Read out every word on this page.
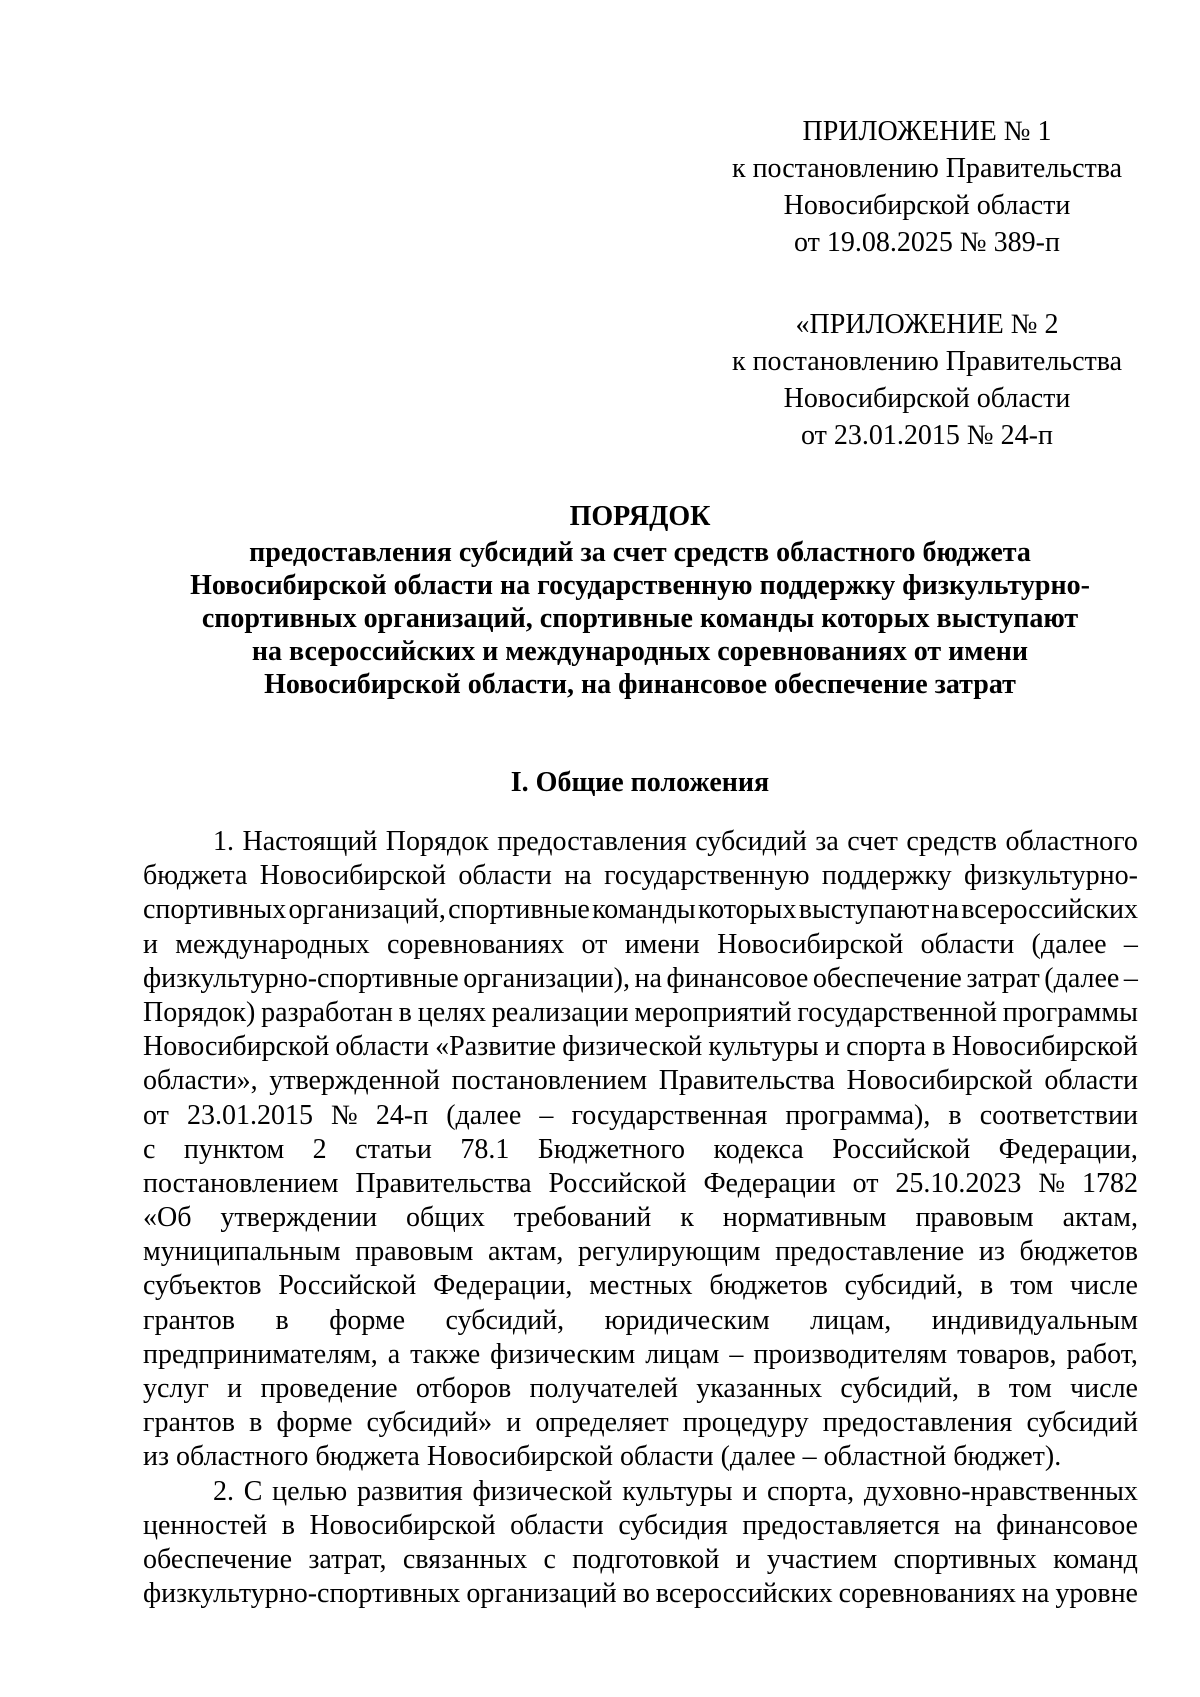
ПРИЛОЖЕНИЕ № 1
к постановлению Правительства
Новосибирской области
от 19.08.2025 № 389-п
«ПРИЛОЖЕНИЕ № 2
к постановлению Правительства
Новосибирской области
от 23.01.2015 № 24-п
ПОРЯДОК
предоставления субсидий за счет средств областного бюджета
Новосибирской области на государственную поддержку физкультурно-
спортивных организаций, спортивные команды которых выступают
на всероссийских и международных соревнованиях от имени
Новосибирской области, на финансовое обеспечение затрат
I. Общие положения
1. Настоящий Порядок предоставления субсидий за счет средств областного
бюджета Новосибирской области на государственную поддержку физкультурно-
спортивных организаций, спортивные команды которых выступают на всероссийских
и международных соревнованиях от имени Новосибирской области (далее –
физкультурно-спортивные организации), на финансовое обеспечение затрат (далее –
Порядок) разработан в целях реализации мероприятий государственной программы
Новосибирской области «Развитие физической культуры и спорта в Новосибирской
области», утвержденной постановлением Правительства Новосибирской области
от 23.01.2015 № 24-п (далее – государственная программа), в соответствии
с пунктом 2 статьи 78.1 Бюджетного кодекса Российской Федерации,
постановлением Правительства Российской Федерации от 25.10.2023 № 1782
«Об утверждении общих требований к нормативным правовым актам,
муниципальным правовым актам, регулирующим предоставление из бюджетов
субъектов Российской Федерации, местных бюджетов субсидий, в том числе
грантов в форме субсидий, юридическим лицам, индивидуальным
предпринимателям, а также физическим лицам – производителям товаров, работ,
услуг и проведение отборов получателей указанных субсидий, в том числе
грантов в форме субсидий» и определяет процедуру предоставления субсидий
из областного бюджета Новосибирской области (далее – областной бюджет).
2. С целью развития физической культуры и спорта, духовно-нравственных
ценностей в Новосибирской области субсидия предоставляется на финансовое
обеспечение затрат, связанных с подготовкой и участием спортивных команд
физкультурно-спортивных организаций во всероссийских соревнованиях на уровне
